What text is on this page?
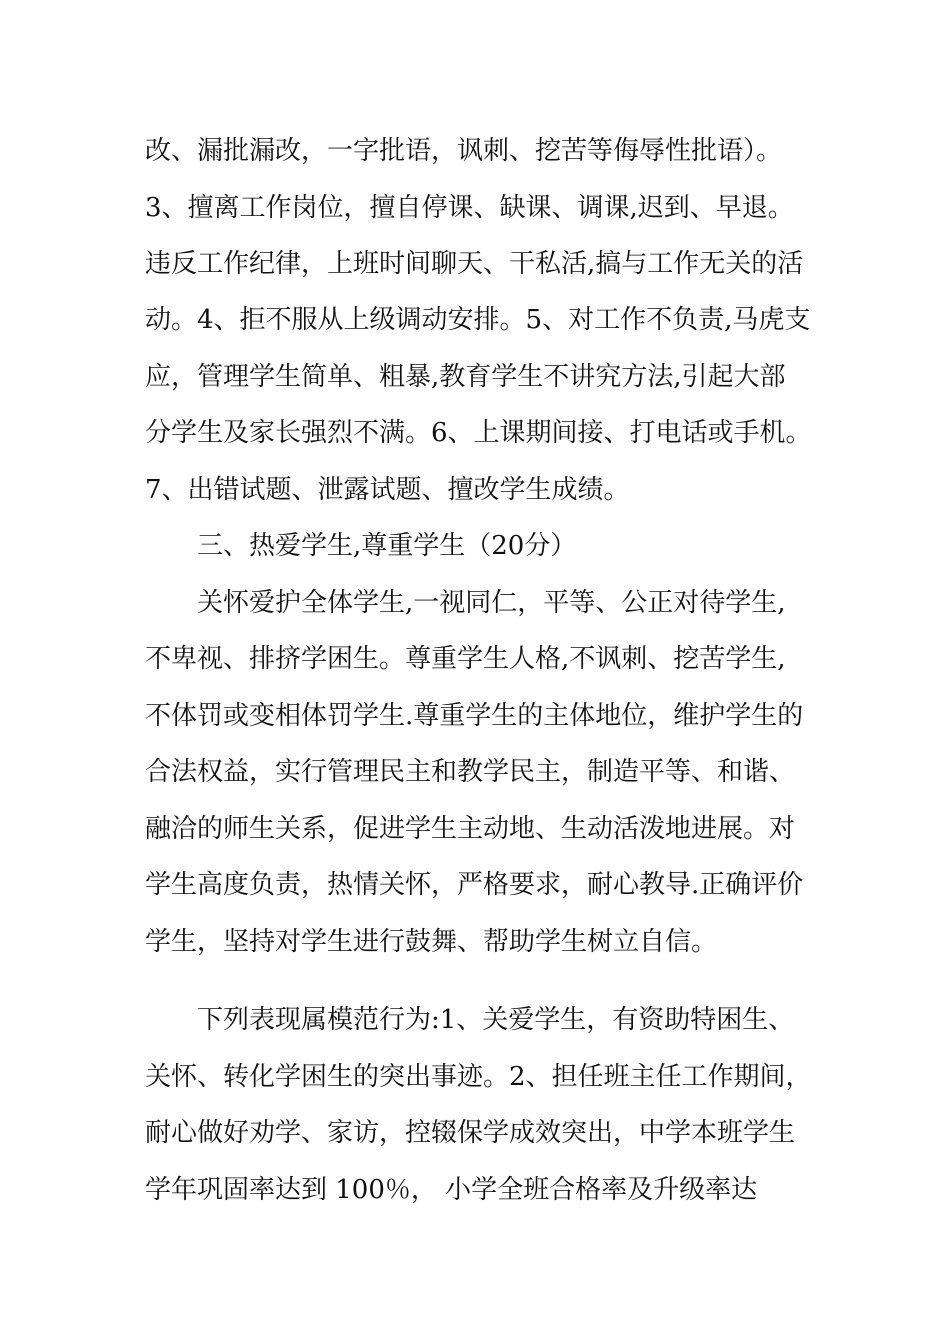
改、漏批漏改，一字批语，讽刺、挖苦等侮辱性批语）。
3、擅离工作岗位，擅自停课、缺课、调课,迟到、早退。
违反工作纪律，上班时间聊天、干私活,搞与工作无关的活
动。4、拒不服从上级调动安排。5、对工作不负责,马虎支
应，管理学生简单、粗暴,教育学生不讲究方法,引起大部
分学生及家长强烈不满。6、上课期间接、打电话或手机。
7、出错试题、泄露试题、擅改学生成绩。
三、热爱学生,尊重学生（20分）
关怀爱护全体学生,一视同仁，平等、公正对待学生,
不卑视、排挤学困生。尊重学生人格,不讽刺、挖苦学生,
不体罚或变相体罚学生.尊重学生的主体地位，维护学生的
合法权益，实行管理民主和教学民主，制造平等、和谐、
融洽的师生关系，促进学生主动地、生动活泼地进展。对
学生高度负责，热情关怀，严格要求，耐心教导.正确评价
学生，坚持对学生进行鼓舞、帮助学生树立自信。
下列表现属模范行为:1、关爱学生，有资助特困生、
关怀、转化学困生的突出事迹。2、担任班主任工作期间，
耐心做好劝学、家访，控辍保学成效突出，中学本班学生
学年巩固率达到 100％， 小学全班合格率及升级率达
